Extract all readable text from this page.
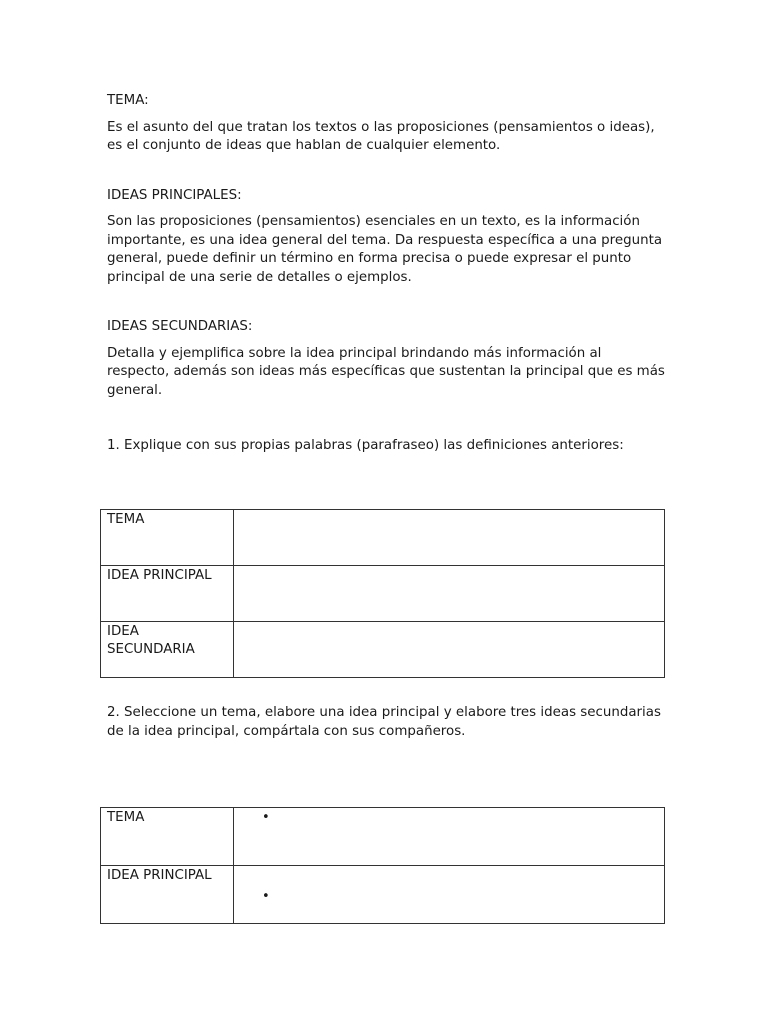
TEMA:

Es el asunto del que tratan los textos o las proposiciones (pensamientos o ideas), es el conjunto de ideas que hablan de cualquier elemento.

IDEAS PRINCIPALES:

Son las proposiciones (pensamientos) esenciales en un texto, es la información importante, es una idea general del tema. Da respuesta específica a una pregunta general, puede definir un término en forma precisa o puede expresar el punto principal de una serie de detalles o ejemplos.

IDEAS SECUNDARIAS:

Detalla y ejemplifica sobre la idea principal brindando más información al respecto, además son ideas más específicas que sustentan la principal que es más general.

1. Explique con sus propias palabras (parafraseo) las definiciones anteriores:

TEMA	
IDEA PRINCIPAL	
IDEA SECUNDARIA	

2. Seleccione un tema, elabore una idea principal y elabore tres ideas secundarias de la idea principal, compártala con sus compañeros.

TEMA	•
IDEA PRINCIPAL	•
